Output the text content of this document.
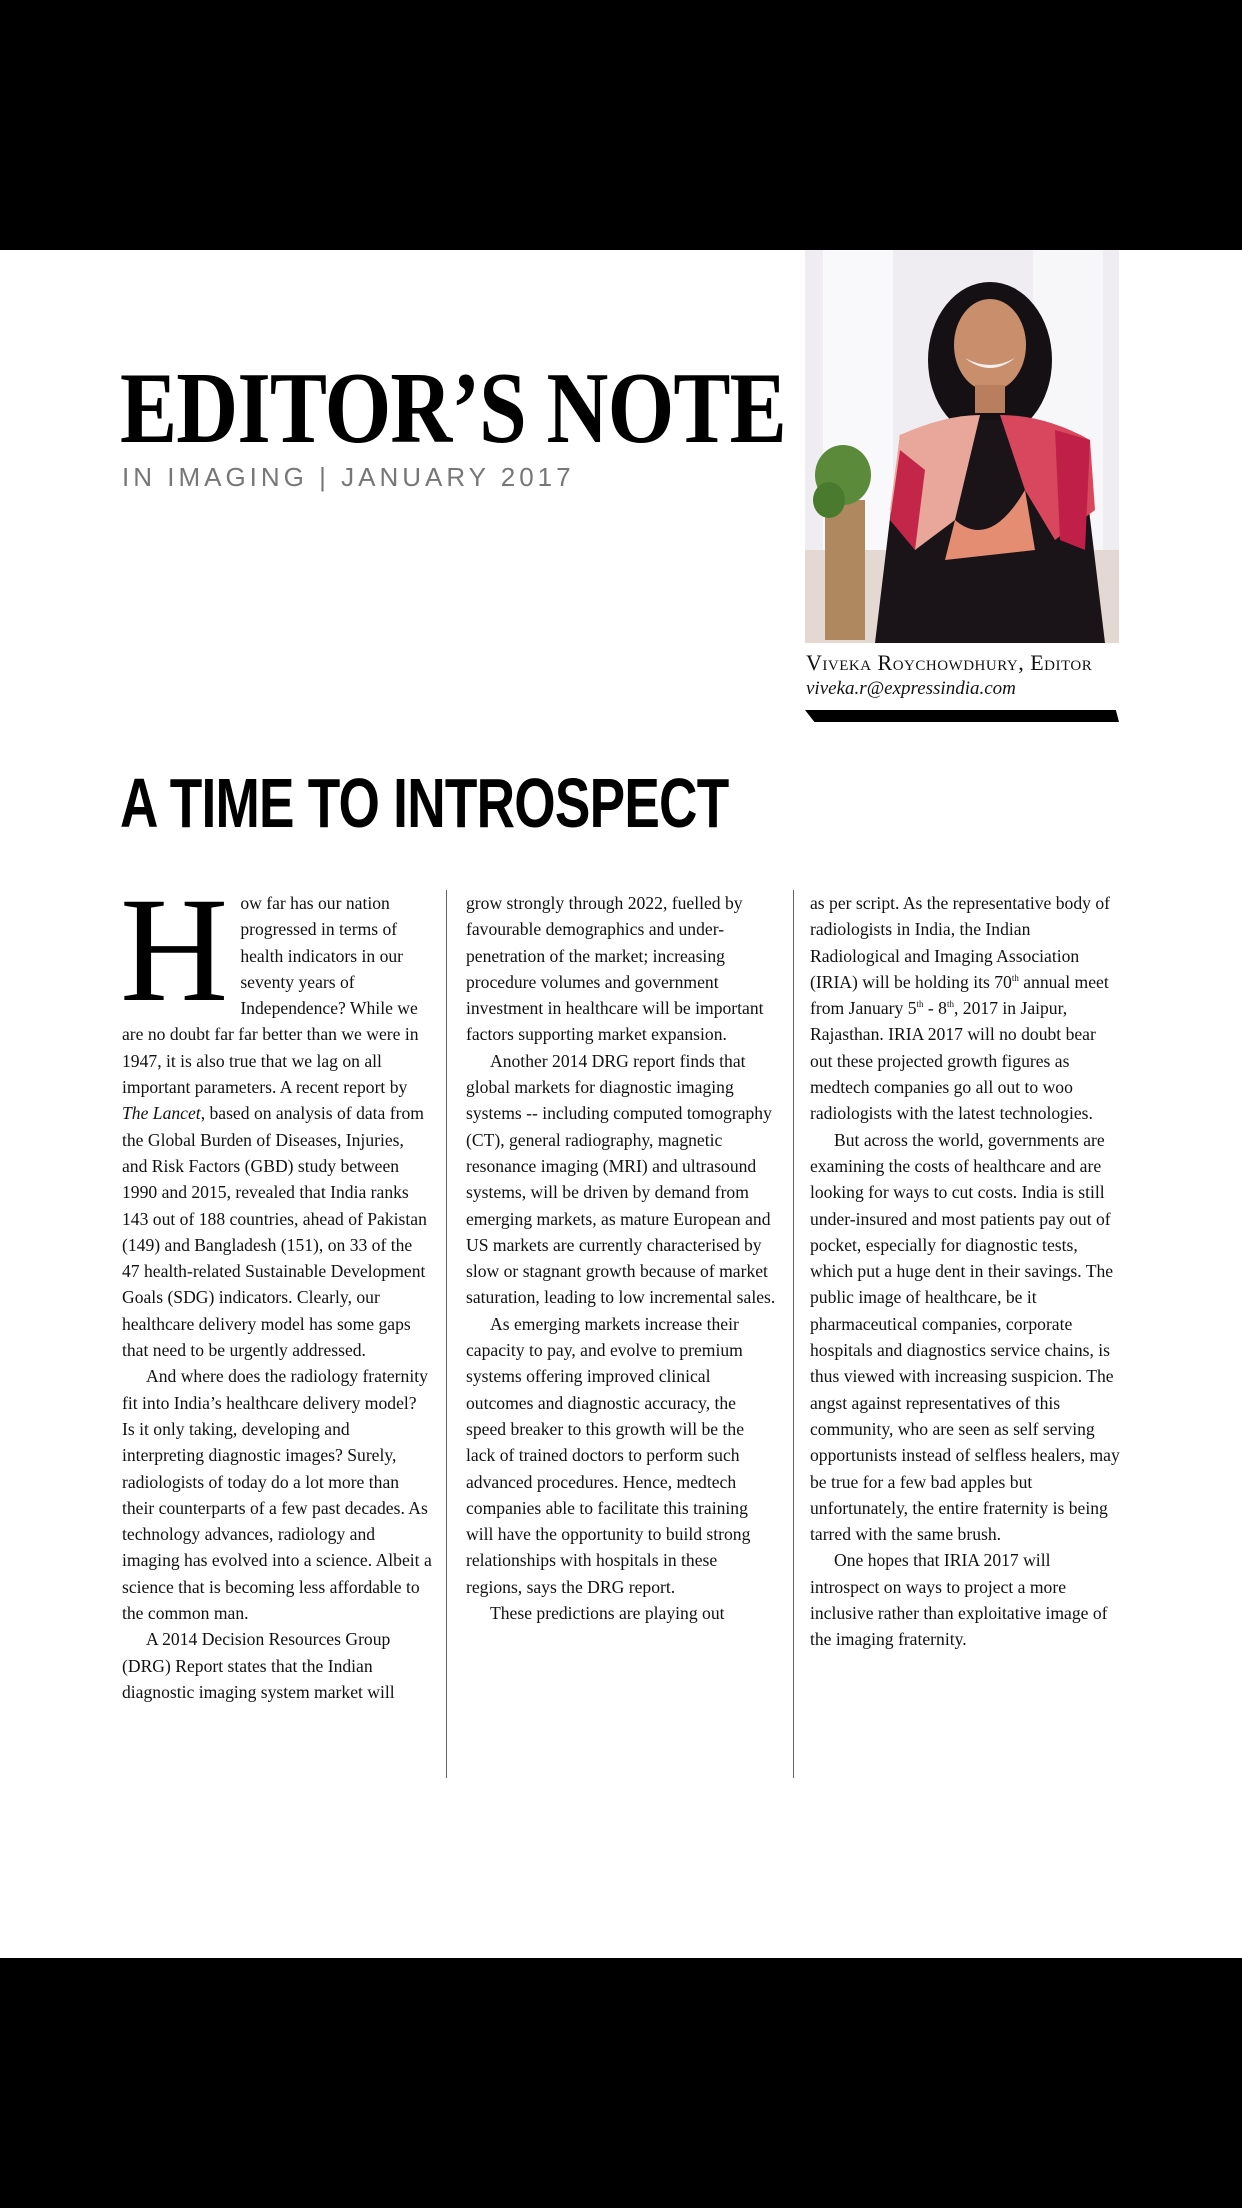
EDITOR’S NOTE
IN IMAGING | JANUARY 2017
Viveka Roychowdhury, Editor
viveka.r@expressindia.com
A TIME TO INTROSPECT

How far has our nation progressed in terms of health indicators in our seventy years of Independence? While we are no doubt far far better than we were in 1947, it is also true that we lag on all important parameters. A recent report by The Lancet, based on analysis of data from the Global Burden of Diseases, Injuries, and Risk Factors (GBD) study between 1990 and 2015, revealed that India ranks 143 out of 188 countries, ahead of Pakistan (149) and Bangladesh (151), on 33 of the 47 health-related Sustainable Development Goals (SDG) indicators. Clearly, our healthcare delivery model has some gaps that need to be urgently addressed.

And where does the radiology fraternity fit into India’s healthcare delivery model? Is it only taking, developing and interpreting diagnostic images? Surely, radiologists of today do a lot more than their counterparts of a few past decades. As technology advances, radiology and imaging has evolved into a science. Albeit a science that is becoming less affordable to the common man.

A 2014 Decision Resources Group (DRG) Report states that the Indian diagnostic imaging system market will

grow strongly through 2022, fuelled by favourable demographics and under-penetration of the market; increasing procedure volumes and government investment in healthcare will be important factors supporting market expansion.

Another 2014 DRG report finds that global markets for diagnostic imaging systems -- including computed tomography (CT), general radiography, magnetic resonance imaging (MRI) and ultrasound systems, will be driven by demand from emerging markets, as mature European and US markets are currently characterised by slow or stagnant growth because of market saturation, leading to low incremental sales.

As emerging markets increase their capacity to pay, and evolve to premium systems offering improved clinical outcomes and diagnostic accuracy, the speed breaker to this growth will be the lack of trained doctors to perform such advanced procedures. Hence, medtech companies able to facilitate this training will have the opportunity to build strong relationships with hospitals in these regions, says the DRG report.

These predictions are playing out

as per script. As the representative body of radiologists in India, the Indian Radiological and Imaging Association (IRIA) will be holding its 70th annual meet from January 5th - 8th, 2017 in Jaipur, Rajasthan. IRIA 2017 will no doubt bear out these projected growth figures as medtech companies go all out to woo radiologists with the latest technologies.

But across the world, governments are examining the costs of healthcare and are looking for ways to cut costs. India is still under-insured and most patients pay out of pocket, especially for diagnostic tests, which put a huge dent in their savings. The public image of healthcare, be it pharmaceutical companies, corporate hospitals and diagnostics service chains, is thus viewed with increasing suspicion. The angst against representatives of this community, who are seen as self serving opportunists instead of selfless healers, may be true for a few bad apples but unfortunately, the entire fraternity is being tarred with the same brush.

One hopes that IRIA 2017 will introspect on ways to project a more inclusive rather than exploitative image of the imaging fraternity.
